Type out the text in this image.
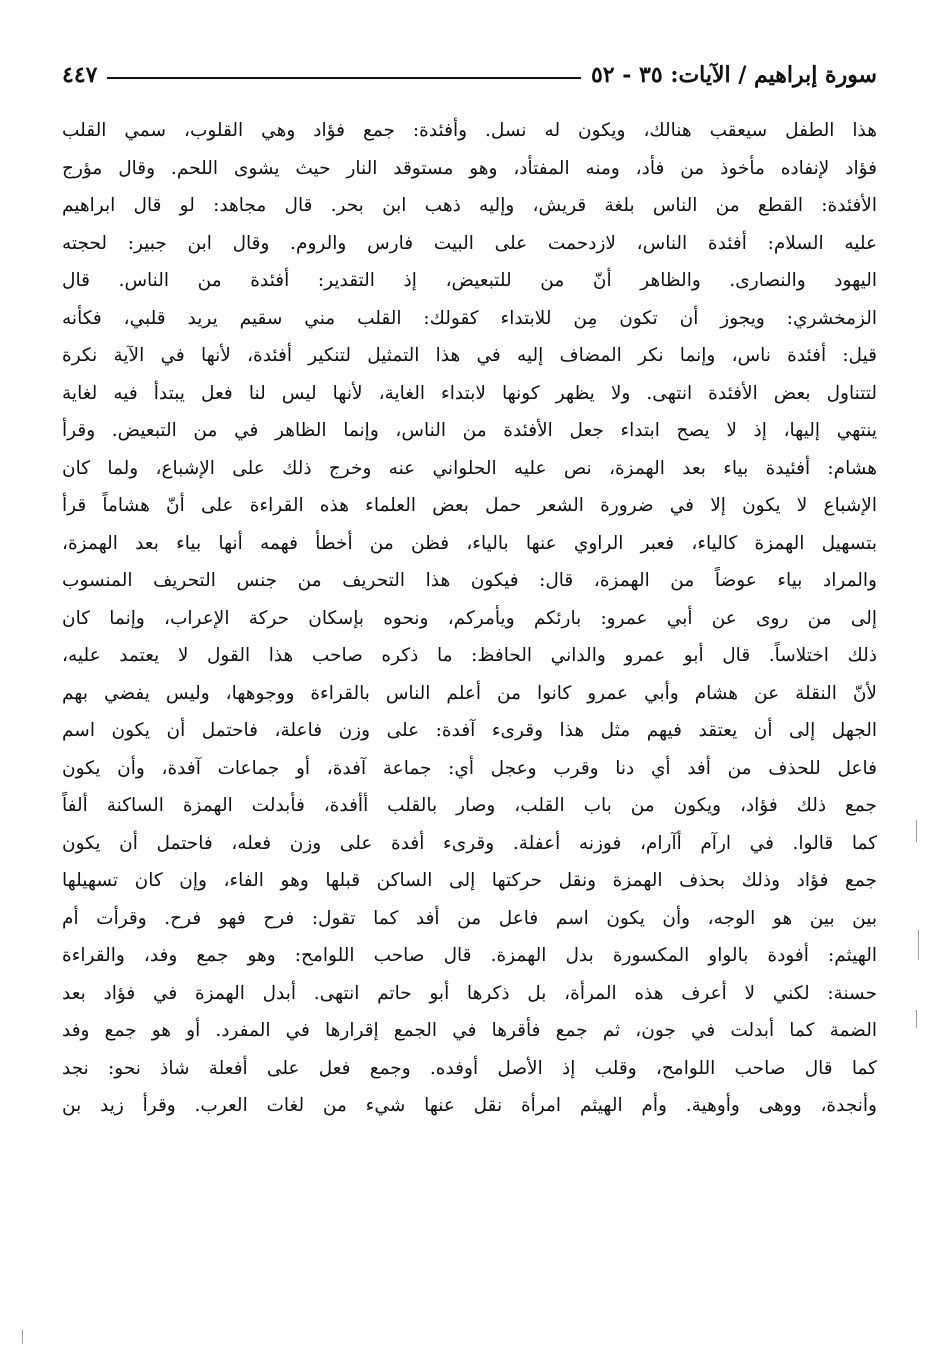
سورة إبراهيم / الآيات: ٣٥ - ٥٢
٤٤٧
هذا الطفل سيعقب هنالك، ويكون له نسل. وأفئدة: جمع فؤاد وهي القلوب، سمي القلب
فؤاد لإنفاده مأخوذ من فأد، ومنه المفتأد، وهو مستوقد النار حيث يشوى اللحم. وقال مؤرج
الأفئدة: القطع من الناس بلغة قريش، وإليه ذهب ابن بحر. قال مجاهد: لو قال ابراهيم
عليه السلام: أفئدة الناس، لازدحمت على البيت فارس والروم. وقال ابن جبير: لحجته
اليهود والنصارى. والظاهر أنّ من للتبعيض، إذ التقدير: أفئدة من الناس. قال
الزمخشري: ويجوز أن تكون مِن للابتداء كقولك: القلب مني سقيم يريد قلبي، فكأنه
قيل: أفئدة ناس، وإنما نكر المضاف إليه في هذا التمثيل لتنكير أفئدة، لأنها في الآية نكرة
لتتناول بعض الأفئدة انتهى. ولا يظهر كونها لابتداء الغاية، لأنها ليس لنا فعل يبتدأ فيه لغاية
ينتهي إليها، إذ لا يصح ابتداء جعل الأفئدة من الناس، وإنما الظاهر في من التبعيض. وقرأ
هشام: أفئيدة بياء بعد الهمزة، نص عليه الحلواني عنه وخرج ذلك على الإشباع، ولما كان
الإشباع لا يكون إلا في ضرورة الشعر حمل بعض العلماء هذه القراءة على أنّ هشاماً قرأ
بتسهيل الهمزة كالياء، فعبر الراوي عنها بالياء، فظن من أخطأ فهمه أنها بياء بعد الهمزة،
والمراد بياء عوضاً من الهمزة، قال: فيكون هذا التحريف من جنس التحريف المنسوب
إلى من روى عن أبي عمرو: بارئكم ويأمركم، ونحوه بإسكان حركة الإعراب، وإنما كان
ذلك اختلاساً. قال أبو عمرو والداني الحافظ: ما ذكره صاحب هذا القول لا يعتمد عليه،
لأنّ النقلة عن هشام وأبي عمرو كانوا من أعلم الناس بالقراءة ووجوهها، وليس يفضي بهم
الجهل إلى أن يعتقد فيهم مثل هذا وقرىء آفدة: على وزن فاعلة، فاحتمل أن يكون اسم
فاعل للحذف من أفد أي دنا وقرب وعجل أي: جماعة آفدة، أو جماعات آفدة، وأن يكون
جمع ذلك فؤاد، ويكون من باب القلب، وصار بالقلب أأفدة، فأبدلت الهمزة الساكنة ألفاً
كما قالوا. في ارآم أآرام، فوزنه أعفلة. وقرىء أفدة على وزن فعله، فاحتمل أن يكون
جمع فؤاد وذلك بحذف الهمزة ونقل حركتها إلى الساكن قبلها وهو الفاء، وإن كان تسهيلها
بين بين هو الوجه، وأن يكون اسم فاعل من أفد كما تقول: فرح فهو فرح. وقرأت أم
الهيثم: أفودة بالواو المكسورة بدل الهمزة. قال صاحب اللوامح: وهو جمع وفد، والقراءة
حسنة: لكني لا أعرف هذه المرأة، بل ذكرها أبو حاتم انتهى. أبدل الهمزة في فؤاد بعد
الضمة كما أبدلت في جون، ثم جمع فأقرها في الجمع إقرارها في المفرد. أو هو جمع وفد
كما قال صاحب اللوامح، وقلب إذ الأصل أوفده. وجمع فعل على أفعلة شاذ نحو: نجد
وأنجدة، ووهى وأوهية. وأم الهيثم امرأة نقل عنها شيء من لغات العرب. وقرأ زيد بن
